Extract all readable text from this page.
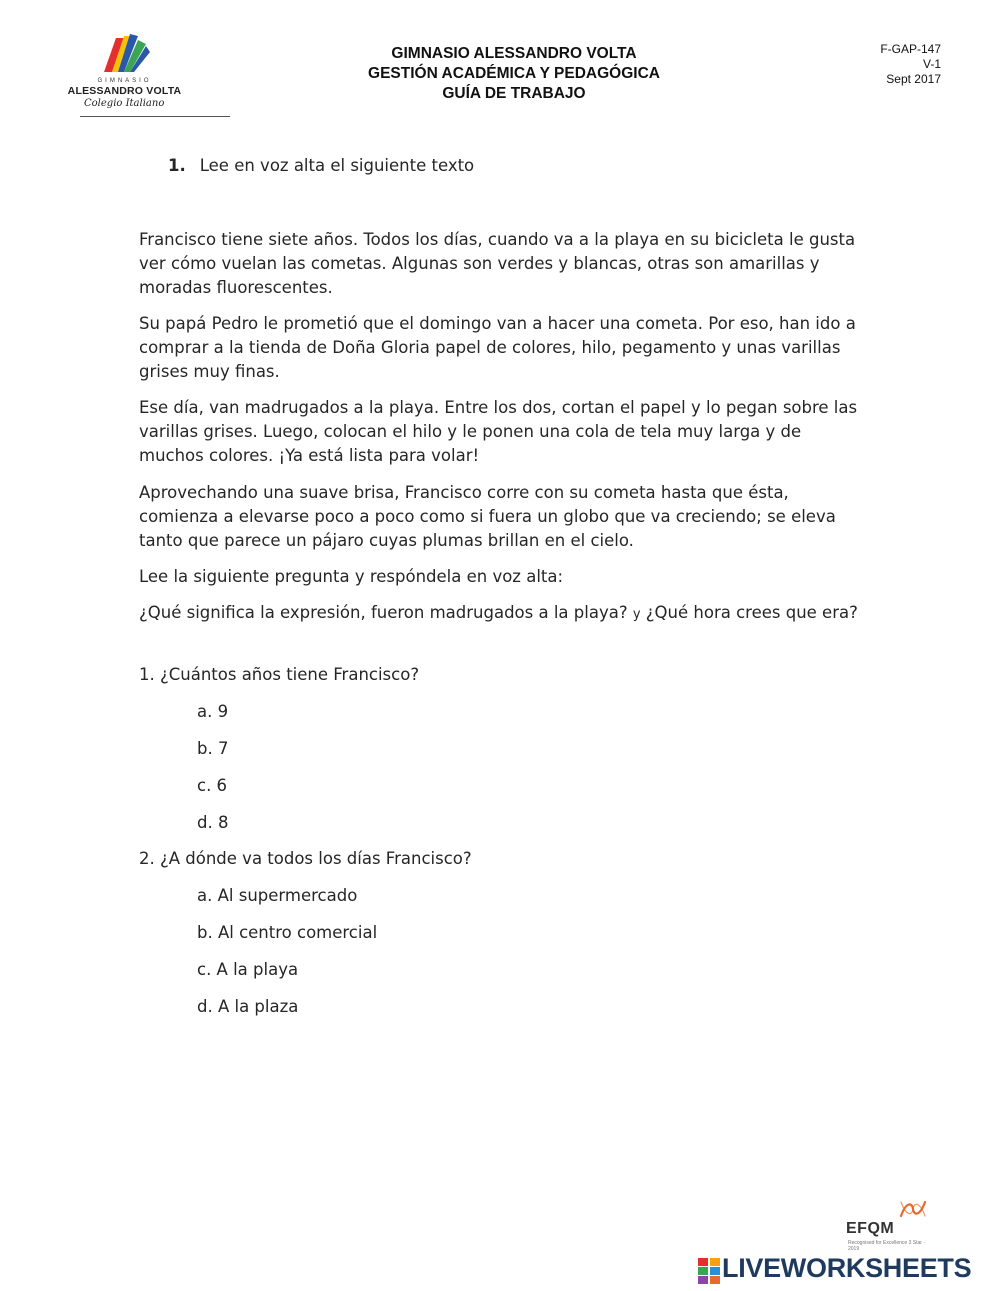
GIMNASIO
ALESSANDRO VOLTA
Colegio Italiano
GIMNASIO ALESSANDRO VOLTA
GESTIÓN ACADÉMICA Y PEDAGÓGICA
GUÍA DE TRABAJO
F-GAP-147
V-1
Sept 2017
1. Lee en voz alta el siguiente texto
Francisco tiene siete años. Todos los días, cuando va a la playa en su bicicleta le gusta ver cómo vuelan las cometas. Algunas son verdes y blancas, otras son amarillas y moradas fluorescentes.
Su papá Pedro le prometió que el domingo van a hacer una cometa. Por eso, han ido a comprar a la tienda de Doña Gloria papel de colores, hilo, pegamento y unas varillas grises muy finas.
Ese día, van madrugados a la playa. Entre los dos, cortan el papel y lo pegan sobre las varillas grises. Luego, colocan el hilo y le ponen una cola de tela muy larga y de muchos colores. ¡Ya está lista para volar!
Aprovechando una suave brisa, Francisco corre con su cometa hasta que ésta, comienza a elevarse poco a poco como si fuera un globo que va creciendo; se eleva tanto que parece un pájaro cuyas plumas brillan en el cielo.
Lee la siguiente pregunta y respóndela en voz alta:
¿Qué significa la expresión, fueron madrugados a la playa? y ¿Qué hora crees que era?
1. ¿Cuántos años tiene Francisco?
a. 9
b. 7
c. 6
d. 8
2. ¿A dónde va todos los días Francisco?
a. Al supermercado
b. Al centro comercial
c. A la playa
d. A la plaza
EFQM
Recognised for Excellence 3 Star · 2019
LIVEWORKSHEETS
